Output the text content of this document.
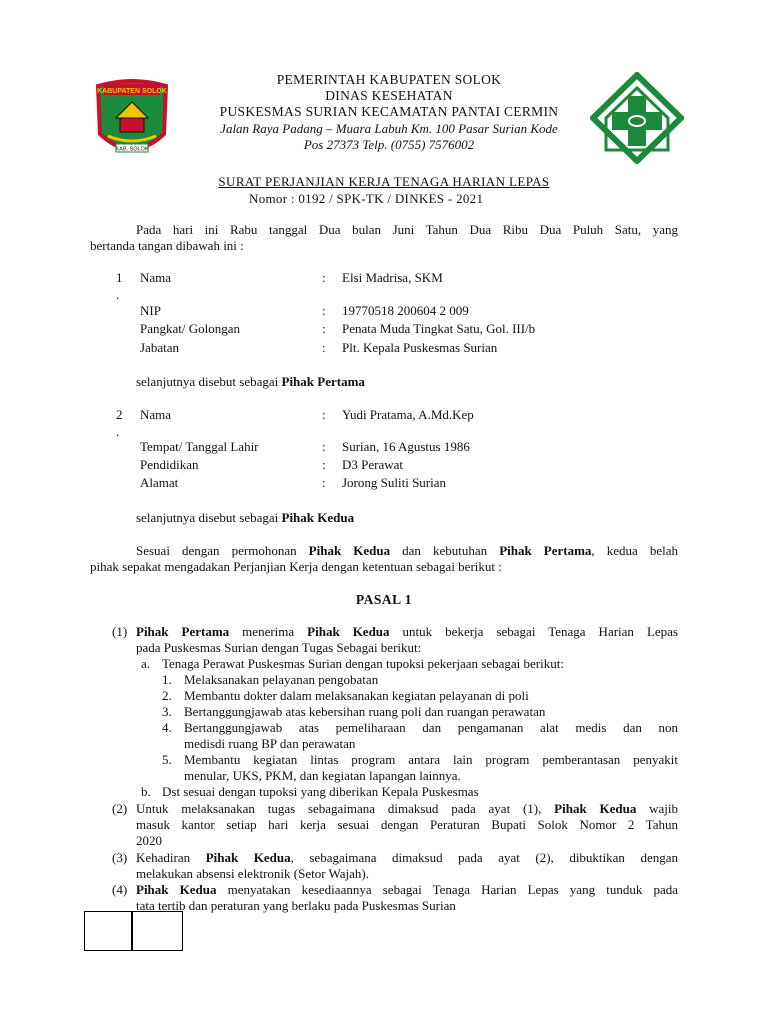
KABUPATEN SOLOK
KAB. SOLOK
PEMERINTAH KABUPATEN SOLOK
DINAS KESEHATAN
PUSKESMAS SURIAN KECAMATAN PANTAI CERMIN
Jalan Raya Padang – Muara Labuh Km. 100 Pasar Surian Kode
Pos 27373 Telp. (0755) 7576002
SURAT PERJANJIAN KERJA TENAGA HARIAN LEPAS
Nomor : 0192 / SPK-TK / DINKES - 2021
Pada hari ini Rabu tanggal Dua bulan Juni Tahun Dua Ribu Dua Puluh Satu, yang
bertanda tangan dibawah ini :
1
.
Nama	: Elsi Madrisa, SKM
NIP	: 19770518 200604 2 009
Pangkat/ Golongan	: Penata Muda Tingkat Satu, Gol. III/b
Jabatan	: Plt. Kepala Puskesmas Surian
selanjutnya disebut sebagai Pihak Pertama
2
.
Nama	: Yudi Pratama, A.Md.Kep
Tempat/ Tanggal Lahir	: Surian, 16 Agustus 1986
Pendidikan	: D3 Perawat
Alamat	: Jorong Suliti Surian
selanjutnya disebut sebagai Pihak Kedua
Sesuai dengan permohonan Pihak Kedua dan kebutuhan Pihak Pertama, kedua belah
pihak sepakat mengadakan Perjanjian Kerja dengan ketentuan sebagai berikut :
PASAL 1
(1) Pihak Pertama menerima Pihak Kedua untuk bekerja sebagai Tenaga Harian Lepas
pada Puskesmas Surian dengan Tugas Sebagai berikut:
a. Tenaga Perawat Puskesmas Surian dengan tupoksi pekerjaan sebagai berikut:
1. Melaksanakan pelayanan pengobatan
2. Membantu dokter dalam melaksanakan kegiatan pelayanan di poli
3. Bertanggungjawab atas kebersihan ruang poli dan ruangan perawatan
4. Bertanggungjawab atas pemeliharaan dan pengamanan alat medis dan non
medisdi ruang BP dan perawatan
5. Membantu kegiatan lintas program antara lain program pemberantasan penyakit
menular, UKS, PKM, dan kegiatan lapangan lainnya.
b. Dst sesuai dengan tupoksi yang diberikan Kepala Puskesmas
(2) Untuk melaksanakan tugas sebagaimana dimaksud pada ayat (1), Pihak Kedua wajib
masuk kantor setiap hari kerja sesuai dengan Peraturan Bupati Solok Nomor 2 Tahun
2020
(3) Kehadiran Pihak Kedua, sebagaimana dimaksud pada ayat (2), dibuktikan dengan
melakukan absensi elektronik (Setor Wajah).
(4) Pihak Kedua menyatakan kesediaannya sebagai Tenaga Harian Lepas yang tunduk pada
tata tertib dan peraturan yang berlaku pada Puskesmas Surian
